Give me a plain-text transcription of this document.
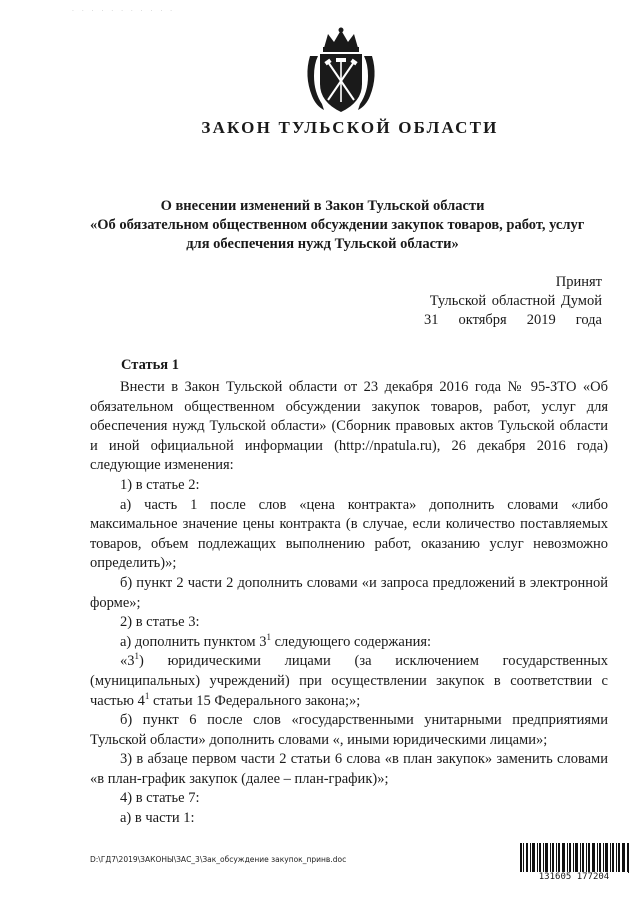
. . . . . . . . . . .
ЗАКОН ТУЛЬСКОЙ ОБЛАСТИ
О внесении изменений в Закон Тульской области
«Об обязательном общественном обсуждении закупок товаров, работ, услуг
для обеспечения нужд Тульской области»
Принят
Тульской областной Думой
31 октября 2019 года
Статья 1

Внести в Закон Тульской области от 23 декабря 2016 года № 95-ЗТО «Об обязательном общественном обсуждении закупок товаров, работ, услуг для обеспечения нужд Тульской области» (Сборник правовых актов Тульской области и иной официальной информации (http://npatula.ru), 26 декабря 2016 года) следующие изменения:

1) в статье 2:

а) часть 1 после слов «цена контракта» дополнить словами «либо максимальное значение цены контракта (в случае, если количество поставляемых товаров, объем подлежащих выполнению работ, оказанию услуг невозможно определить)»;

б) пункт 2 части 2 дополнить словами «и запроса предложений в электронной форме»;

2) в статье 3:

а) дополнить пунктом $3^1$ следующего содержания:

«$3^1$) юридическими лицами (за исключением государственных (муниципальных) учреждений) при осуществлении закупок в соответствии с частью $4^1$ статьи 15 Федерального закона;»;

б) пункт 6 после слов «государственными унитарными предприятиями Тульской области» дополнить словами «, иными юридическими лицами»;

3) в абзаце первом части 2 статьи 6 слова «в план закупок» заменить словами «в план-график закупок (далее – план-график)»;

4) в статье 7:

а) в части 1:

D:\ГД7\2019\ЗАКОНЫ\ЗАС_3\Зак_обсуждение закупок_принв.doc
131605 177204
